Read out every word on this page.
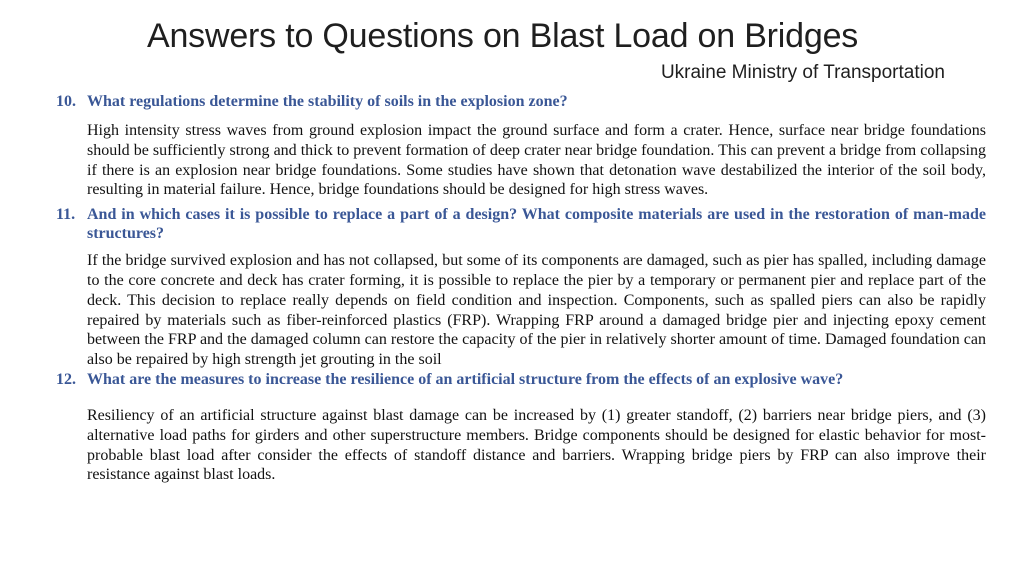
Answers to Questions on Blast Load on Bridges
Ukraine Ministry of Transportation
10. What regulations determine the stability of soils in the explosion zone?
High intensity stress waves from ground explosion impact the ground surface and form a crater. Hence, surface near bridge foundations should be sufficiently strong and thick to prevent formation of deep crater near bridge foundation. This can prevent a bridge from collapsing if there is an explosion near bridge foundations. Some studies have shown that detonation wave destabilized the interior of the soil body, resulting in material failure. Hence, bridge foundations should be designed for high stress waves.
11. And in which cases it is possible to replace a part of a design? What composite materials are used in the restoration of man-made structures?
If the bridge survived explosion and has not collapsed, but some of its components are damaged, such as pier has spalled, including damage to the core concrete and deck has crater forming, it is possible to replace the pier by a temporary or permanent pier and replace part of the deck. This decision to replace really depends on field condition and inspection. Components, such as spalled piers can also be rapidly repaired by materials such as fiber-reinforced plastics (FRP). Wrapping FRP around a damaged bridge pier and injecting epoxy cement between the FRP and the damaged column can restore the capacity of the pier in relatively shorter amount of time. Damaged foundation can also be repaired by high strength jet grouting in the soil
12. What are the measures to increase the resilience of an artificial structure from the effects of an explosive wave?
Resiliency of an artificial structure against blast damage can be increased by (1) greater standoff, (2) barriers near bridge piers, and (3) alternative load paths for girders and other superstructure members. Bridge components should be designed for elastic behavior for most-probable blast load after consider the effects of standoff distance and barriers. Wrapping bridge piers by FRP can also improve their resistance against blast loads.
